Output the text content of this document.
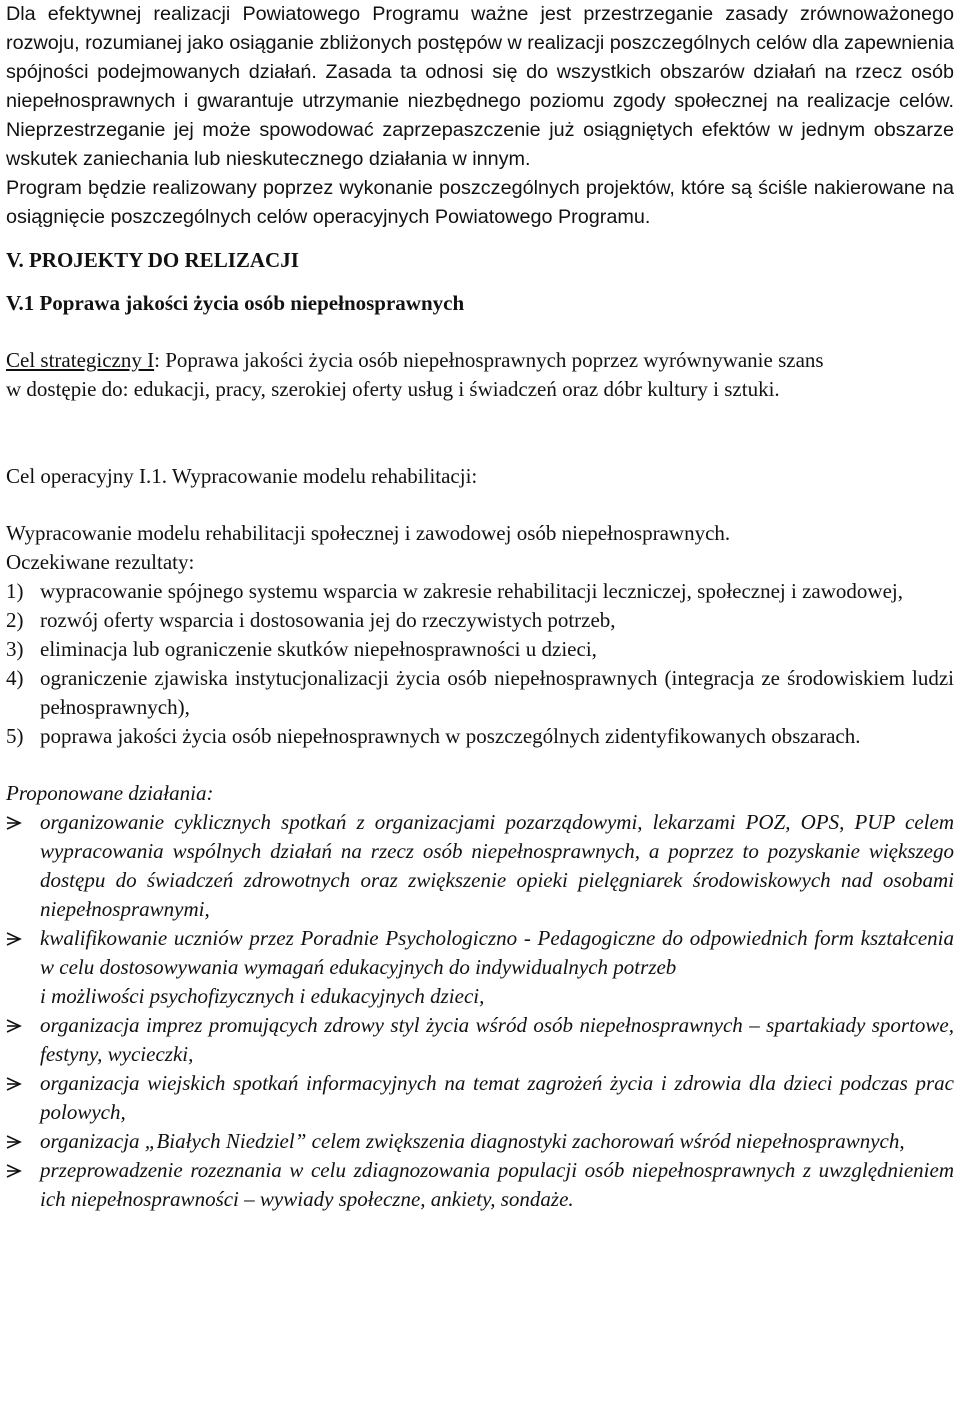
Dla efektywnej realizacji Powiatowego Programu ważne jest przestrzeganie zasady zrównoważonego rozwoju, rozumianej jako osiąganie zbliżonych postępów w realizacji poszczególnych celów dla zapewnienia spójności podejmowanych działań. Zasada ta odnosi się do wszystkich obszarów działań na rzecz osób niepełnosprawnych i gwarantuje utrzymanie niezbędnego poziomu zgody społecznej na realizacje celów. Nieprzestrzeganie jej może spowodować zaprzepaszczenie już osiągniętych efektów w jednym obszarze wskutek zaniechania lub nieskutecznego działania w innym.

Program będzie realizowany poprzez wykonanie poszczególnych projektów, które są ściśle nakierowane na osiągnięcie poszczególnych celów operacyjnych Powiatowego Programu.

V. PROJEKTY DO RELIZACJI
V.1 Poprawa jakości życia osób niepełnosprawnych

Cel strategiczny I: Poprawa jakości życia osób niepełnosprawnych poprzez wyrównywanie szans

w dostępie do: edukacji, pracy, szerokiej oferty usług i świadczeń oraz dóbr kultury i sztuki.

Cel operacyjny I.1. Wypracowanie modelu rehabilitacji:

Wypracowanie modelu rehabilitacji społecznej i zawodowej osób niepełnosprawnych.

Oczekiwane rezultaty:

1) wypracowanie spójnego systemu wsparcia w zakresie rehabilitacji leczniczej, społecznej i zawodowej,
2) rozwój oferty wsparcia i dostosowania jej do rzeczywistych potrzeb,
3) eliminacja lub ograniczenie skutków niepełnosprawności u dzieci,
4) ograniczenie zjawiska instytucjonalizacji życia osób niepełnosprawnych (integracja ze środowiskiem ludzi pełnosprawnych),
5) poprawa jakości życia osób niepełnosprawnych w poszczególnych zidentyfikowanych obszarach.

Proponowane działania:

organizowanie cyklicznych spotkań z organizacjami pozarządowymi, lekarzami POZ, OPS, PUP celem wypracowania wspólnych działań na rzecz osób niepełnosprawnych, a poprzez to pozyskanie większego dostępu do świadczeń zdrowotnych oraz zwiększenie opieki pielęgniarek środowiskowych nad osobami niepełnosprawnymi,
kwalifikowanie uczniów przez Poradnie Psychologiczno - Pedagogiczne do odpowiednich form kształcenia w celu dostosowywania wymagań edukacyjnych do indywidualnych potrzeb
i możliwości psychofizycznych i edukacyjnych dzieci,
organizacja imprez promujących zdrowy styl życia wśród osób niepełnosprawnych – spartakiady sportowe, festyny, wycieczki,
organizacja wiejskich spotkań informacyjnych na temat zagrożeń życia i zdrowia dla dzieci podczas prac polowych,
organizacja „Białych Niedziel” celem zwiększenia diagnostyki zachorowań wśród niepełnosprawnych,
przeprowadzenie rozeznania w celu zdiagnozowania populacji osób niepełnosprawnych z uwzględnieniem ich niepełnosprawności – wywiady społeczne, ankiety, sondaże.
